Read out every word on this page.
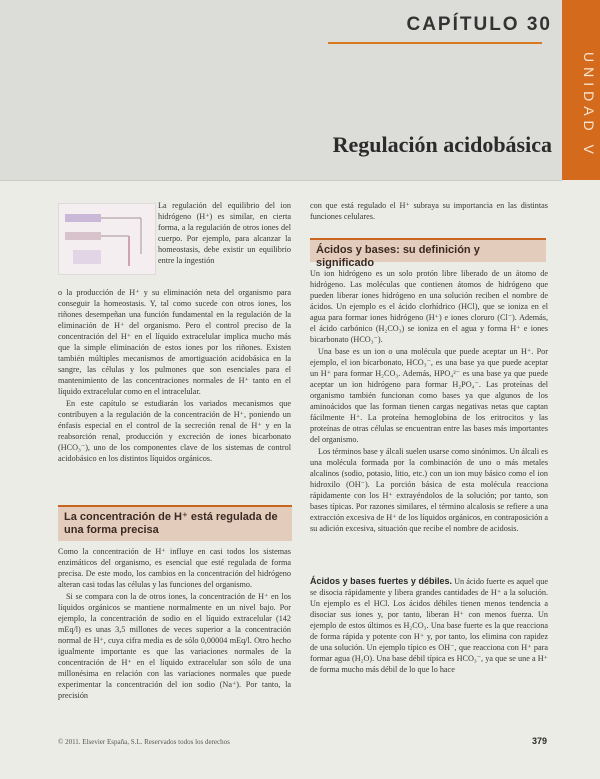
CAPÍTULO 30
UNIDAD V
Regulación acidobásica

La regulación del equilibrio del ion hidrógeno (H⁺) es similar, en cierta forma, a la regulación de otros iones del cuerpo. Por ejemplo, para alcanzar la homeostasis, debe existir un equilibrio entre la ingestión

o la producción de H⁺ y su eliminación neta del organismo para conseguir la homeostasis. Y, tal como sucede con otros iones, los riñones desempeñan una función fundamental en la regulación de la eliminación de H⁺ del organismo. Pero el control preciso de la concentración del H⁺ en el líquido extracelular implica mucho más que la simple eliminación de estos iones por los riñones. Existen también múltiples mecanismos de amortiguación acidobásica en la sangre, las células y los pulmones que son esenciales para el mantenimiento de las concentraciones normales de H⁺ tanto en el líquido extracelular como en el intracelular.

En este capítulo se estudiarán los variados mecanismos que contribuyen a la regulación de la concentración de H⁺, poniendo un énfasis especial en el control de la secreción renal de H⁺ y en la reabsorción renal, producción y excreción de iones bicarbonato (HCO₃⁻), uno de los componentes clave de los sistemas de control acidobásico en los distintos líquidos orgánicos.

La concentración de H⁺ está regulada de una forma precisa

Como la concentración de H⁺ influye en casi todos los sistemas enzimáticos del organismo, es esencial que esté regulada de forma precisa. De este modo, los cambios en la concentración del hidrógeno alteran casi todas las células y las funciones del organismo.

Si se compara con la de otros iones, la concentración de H⁺ en los líquidos orgánicos se mantiene normalmente en un nivel bajo. Por ejemplo, la concentración de sodio en el líquido extracelular (142 mEq/l) es unas 3,5 millones de veces superior a la concentración normal de H⁺, cuya cifra media es de sólo 0,00004 mEq/l. Otro hecho igualmente importante es que las variaciones normales de la concentración de H⁺ en el líquido extracelular son sólo de una millonésima en relación con las variaciones normales que puede experimentar la concentración del ion sodio (Na⁺). Por tanto, la precisión

con que está regulado el H⁺ subraya su importancia en las distintas funciones celulares.

Ácidos y bases: su definición y significado

Un ion hidrógeno es un solo protón libre liberado de un átomo de hidrógeno. Las moléculas que contienen átomos de hidrógeno que pueden liberar iones hidrógeno en una solución reciben el nombre de ácidos. Un ejemplo es el ácido clorhídrico (HCl), que se ioniza en el agua para formar iones hidrógeno (H⁺) e iones cloruro (Cl⁻). Además, el ácido carbónico (H₂CO₃) se ioniza en el agua y forma H⁺ e iones bicarbonato (HCO₃⁻).

Una base es un ion o una molécula que puede aceptar un H⁺. Por ejemplo, el ion bicarbonato, HCO₃⁻, es una base ya que puede aceptar un H⁺ para formar H₂CO₃. Además, HPO₄²⁻ es una base ya que puede aceptar un ion hidrógeno para formar H₂PO₄⁻. Las proteínas del organismo también funcionan como bases ya que algunos de los aminoácidos que las forman tienen cargas negativas netas que captan fácilmente H⁺. La proteína hemoglobina de los eritrocitos y las proteínas de otras células se encuentran entre las bases más importantes del organismo.

Los términos base y álcali suelen usarse como sinónimos. Un álcali es una molécula formada por la combinación de uno o más metales alcalinos (sodio, potasio, litio, etc.) con un ion muy básico como el ion hidroxilo (OH⁻). La porción básica de esta molécula reacciona rápidamente con los H⁺ extrayéndolos de la solución; por tanto, son bases típicas. Por razones similares, el término alcalosis se refiere a una extracción excesiva de H⁺ de los líquidos orgánicos, en contraposición a su adición excesiva, situación que recibe el nombre de acidosis.

Ácidos y bases fuertes y débiles. Un ácido fuerte es aquel que se disocia rápidamente y libera grandes cantidades de H⁺ a la solución. Un ejemplo es el HCl. Los ácidos débiles tienen menos tendencia a disociar sus iones y, por tanto, liberan H⁺ con menos fuerza. Un ejemplo de estos últimos es H₂CO₃. Una base fuerte es la que reacciona de forma rápida y potente con H⁺ y, por tanto, los elimina con rapidez de una solución. Un ejemplo típico es OH⁻, que reacciona con H⁺ para formar agua (H₂O). Una base débil típica es HCO₃⁻, ya que se une a H⁺ de forma mucho más débil de lo que lo hace

© 2011. Elsevier España, S.L. Reservados todos los derechos	379
